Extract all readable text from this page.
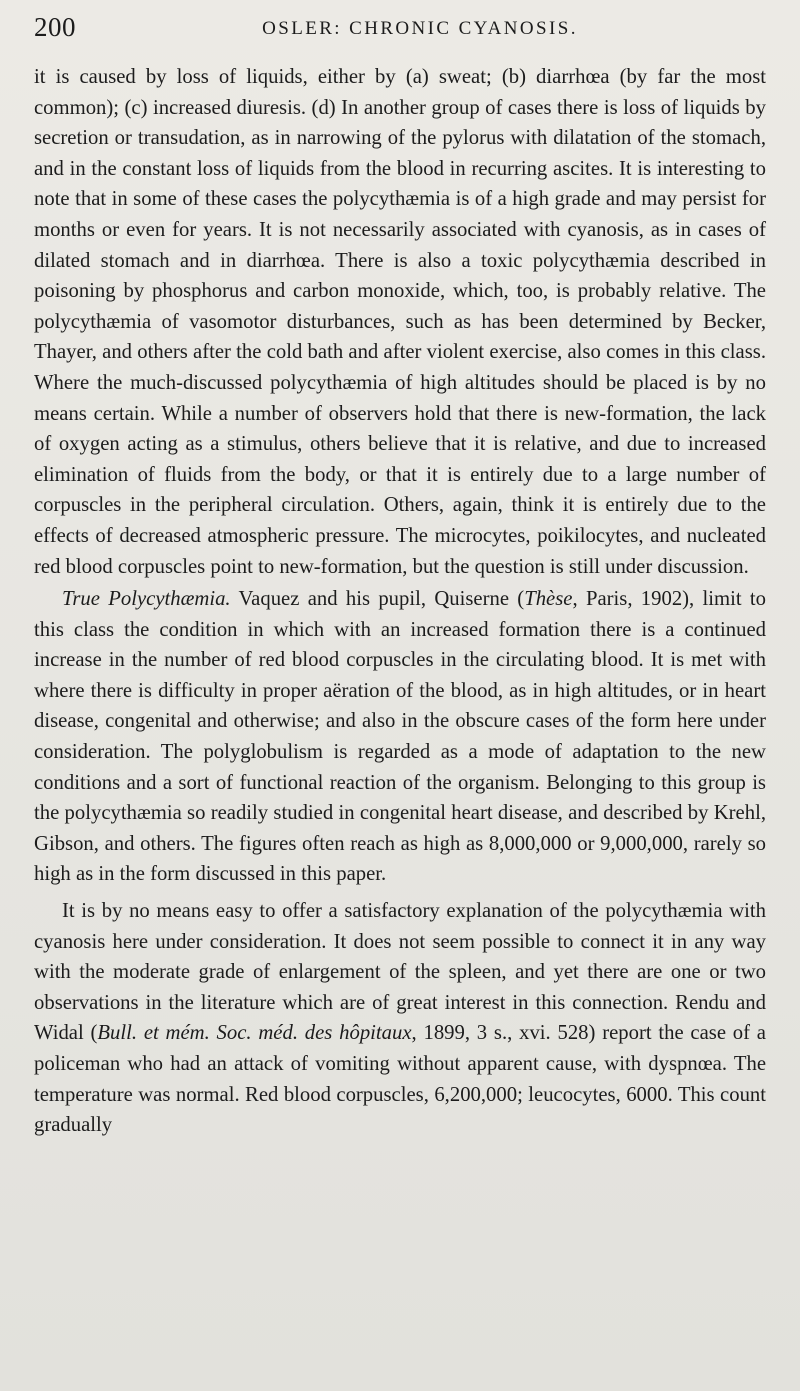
200	OSLER: CHRONIC CYANOSIS.

it is caused by loss of liquids, either by (a) sweat; (b) diarrhœa (by far the most common); (c) increased diuresis. (d) In another group of cases there is loss of liquids by secretion or transudation, as in narrowing of the pylorus with dilatation of the stomach, and in the constant loss of liquids from the blood in recurring ascites. It is interesting to note that in some of these cases the polycythæmia is of a high grade and may persist for months or even for years. It is not necessarily associated with cyanosis, as in cases of dilated stomach and in diarrhœa. There is also a toxic polycythæmia described in poisoning by phosphorus and carbon monoxide, which, too, is probably relative. The polycythæmia of vasomotor disturbances, such as has been determined by Becker, Thayer, and others after the cold bath and after violent exercise, also comes in this class. Where the much-discussed polycythæmia of high altitudes should be placed is by no means certain. While a number of observers hold that there is new-formation, the lack of oxygen acting as a stimulus, others believe that it is relative, and due to increased elimination of fluids from the body, or that it is entirely due to a large number of corpuscles in the peripheral circulation. Others, again, think it is entirely due to the effects of decreased atmospheric pressure. The microcytes, poikilocytes, and nucleated red blood corpuscles point to new-formation, but the question is still under discussion.

True Polycythæmia. Vaquez and his pupil, Quiserne (Thèse, Paris, 1902), limit to this class the condition in which with an increased formation there is a continued increase in the number of red blood corpuscles in the circulating blood. It is met with where there is difficulty in proper aëration of the blood, as in high altitudes, or in heart disease, congenital and otherwise; and also in the obscure cases of the form here under consideration. The polyglobulism is regarded as a mode of adaptation to the new conditions and a sort of functional reaction of the organism. Belonging to this group is the polycythæmia so readily studied in congenital heart disease, and described by Krehl, Gibson, and others. The figures often reach as high as 8,000,000 or 9,000,000, rarely so high as in the form discussed in this paper.

It is by no means easy to offer a satisfactory explanation of the polycythæmia with cyanosis here under consideration. It does not seem possible to connect it in any way with the moderate grade of enlargement of the spleen, and yet there are one or two observations in the literature which are of great interest in this connection. Rendu and Widal (Bull. et mém. Soc. méd. des hôpitaux, 1899, 3 s., xvi. 528) report the case of a policeman who had an attack of vomiting without apparent cause, with dyspnœa. The temperature was normal. Red blood corpuscles, 6,200,000; leucocytes, 6000. This count gradually
